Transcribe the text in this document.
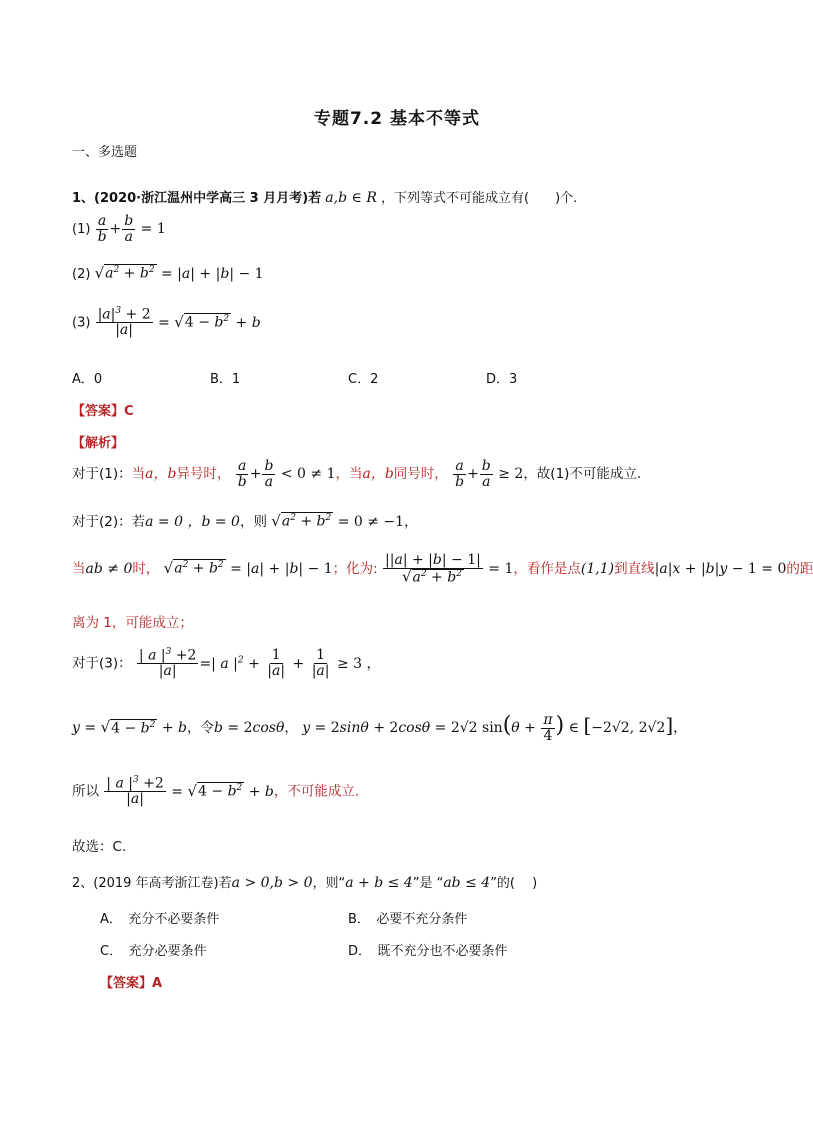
专题7.2 基本不等式
一、多选题
1、(2020·浙江温州中学高三 3 月月考)若 a,b ∈ R ，下列等式不可能成立有(　　)个.
$(1) \frac{a}{b} + \frac{b}{a} = 1$
(2) $√a^2 + b^2 = |a| + |b| - 1$
$(3) \frac{|a|^3 + 2}{|a|} = √4 - b^2 + b$
A．0	B．1	C．2	D．3
【答案】C
【解析】
对于(1)：当a，b异号时， $\frac{a}{b} + \frac{b}{a} < 0 \ne 1$，当a，b同号时， $\frac{a}{b} + \frac{b}{a} \ge 2$，故(1)不可能成立.
对于(2)：若a = 0 ，b = 0，则 $√a^2 + b^2 = 0 \ne -1$，
当ab ≠ 0时， $√a^2 + b^2 = |a| + |b| - 1$；化为: $\frac{||a| + |b| - 1|}{√a^2 + b^2} = 1$，看作是点(1,1)到直线|a|x + |b|y − 1 = 0的距
离为 1，可能成立；
对于(3)： $\frac{| a |^3 +2}{|a|}$ =| a $|^2 + \frac{1}{|a|} + \frac{1}{|a|} \ge 3$ ，
$y = √4 - b^2 + b$，令b = 2cosθ， y = 2sinθ + 2cosθ = 2√2 $\sin(\theta + \frac{\pi}{4}$ ) ∈ [−2√2, 2√2]，
所以 $\frac{| a |^3 +2}{|a|} = √4 - b^2 + b$，不可能成立.
故选：C.
2、(2019 年高考浙江卷)若a > 0,b > 0，则“a + b ≤ 4”是 “ab ≤ 4”的(　 )
A．　充分不必要条件	B．　必要不充分条件
C．　充分必要条件	D．　既不充分也不必要条件
【答案】A
